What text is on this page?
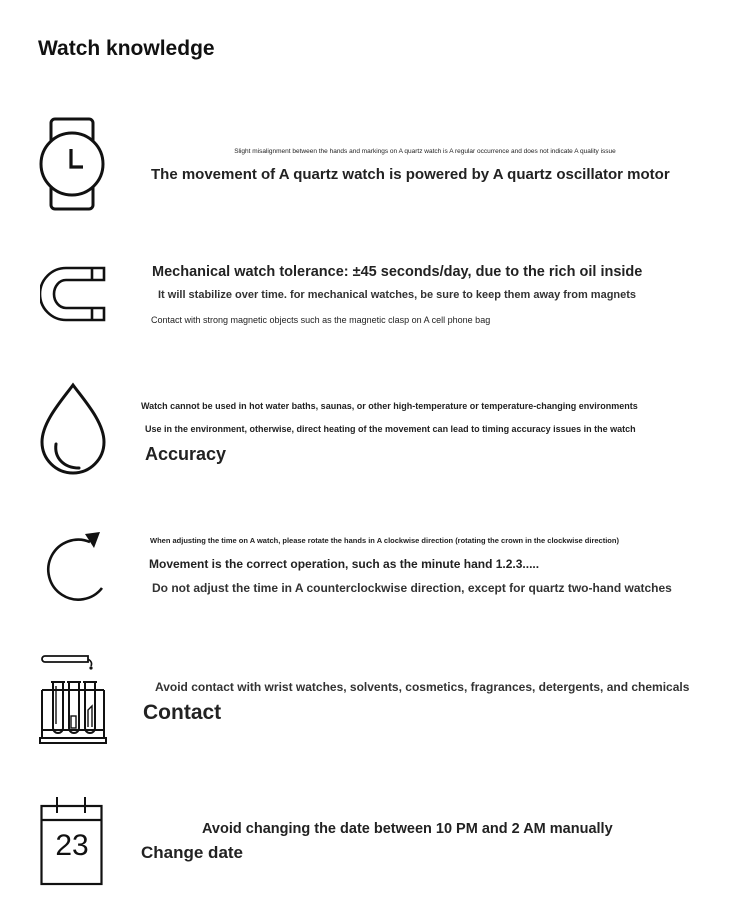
Watch knowledge
Slight misalignment between the hands and markings on A quartz watch is A regular occurrence and does not indicate A quality issue
The movement of A quartz watch is powered by A quartz oscillator motor
Mechanical watch tolerance: ±45 seconds/day, due to the rich oil inside
It will stabilize over time. for mechanical watches, be sure to keep them away from magnets
Contact with strong magnetic objects such as the magnetic clasp on A cell phone bag
Watch cannot be used in hot water baths, saunas, or other high-temperature or temperature-changing environments
Use in the environment, otherwise, direct heating of the movement can lead to timing accuracy issues in the watch
Accuracy
When adjusting the time on A watch, please rotate the hands in A clockwise direction (rotating the crown in the clockwise direction)
Movement is the correct operation, such as the minute hand 1.2.3.....
Do not adjust the time in A counterclockwise direction, except for quartz two-hand watches
Avoid contact with wrist watches, solvents, cosmetics, fragrances, detergents, and chemicals
Contact
23	Avoid changing the date between 10 PM and 2 AM manually
Change date
